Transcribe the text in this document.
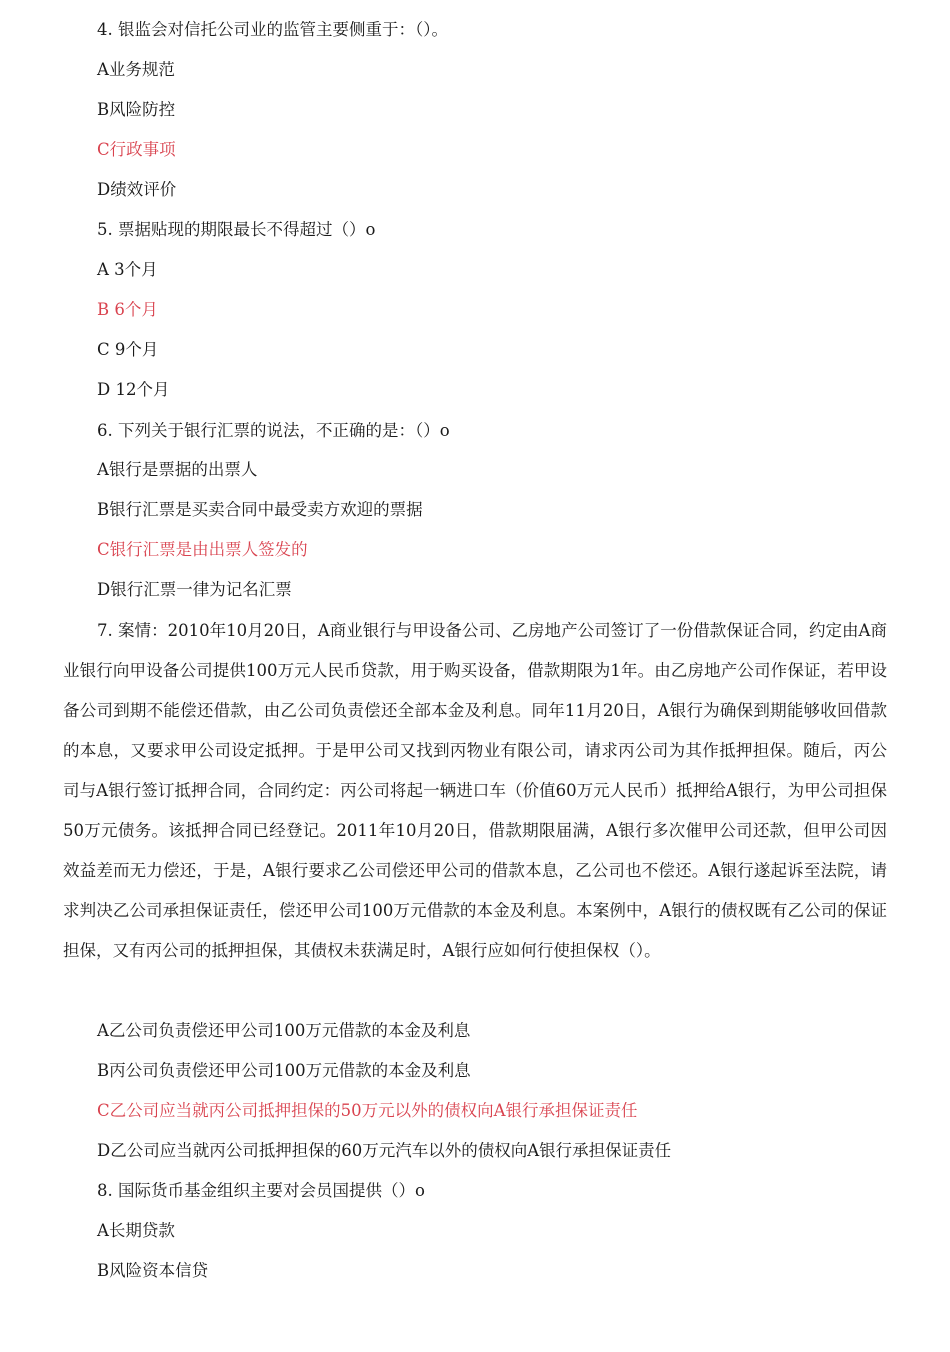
4. 银监会对信托公司业的监管主要侧重于：（）。
A业务规范
B风险防控
C行政事项
D绩效评价
5. 票据贴现的期限最长不得超过（）o
A 3个月
B 6个月
C 9个月
D 12个月
6. 下列关于银行汇票的说法，不正确的是：（）o
A银行是票据的出票人
B银行汇票是买卖合同中最受卖方欢迎的票据
C银行汇票是由出票人签发的
D银行汇票一律为记名汇票
7. 案情：2010年10月20日，A商业银行与甲设备公司、乙房地产公司签订了一份借款保证合同，约定由A商业银行向甲设备公司提供100万元人民币贷款，用于购买设备，借款期限为1年。由乙房地产公司作保证，若甲设备公司到期不能偿还借款，由乙公司负责偿还全部本金及利息。同年11月20日，A银行为确保到期能够收回借款的本息，又要求甲公司设定抵押。于是甲公司又找到丙物业有限公司，请求丙公司为其作抵押担保。随后，丙公司与A银行签订抵押合同，合同约定：丙公司将起一辆进口车（价值60万元人民币）抵押给A银行，为甲公司担保50万元债务。该抵押合同已经登记。2011年10月20日，借款期限届满，A银行多次催甲公司还款，但甲公司因效益差而无力偿还，于是，A银行要求乙公司偿还甲公司的借款本息，乙公司也不偿还。A银行遂起诉至法院，请求判决乙公司承担保证责任，偿还甲公司100万元借款的本金及利息。本案例中，A银行的债权既有乙公司的保证担保，又有丙公司的抵押担保，其债权未获满足时，A银行应如何行使担保权（）。
A乙公司负责偿还甲公司100万元借款的本金及利息
B丙公司负责偿还甲公司100万元借款的本金及利息
C乙公司应当就丙公司抵押担保的50万元以外的债权向A银行承担保证责任
D乙公司应当就丙公司抵押担保的60万元汽车以外的债权向A银行承担保证责任
8. 国际货币基金组织主要对会员国提供（）o
A长期贷款
B风险资本信贷
